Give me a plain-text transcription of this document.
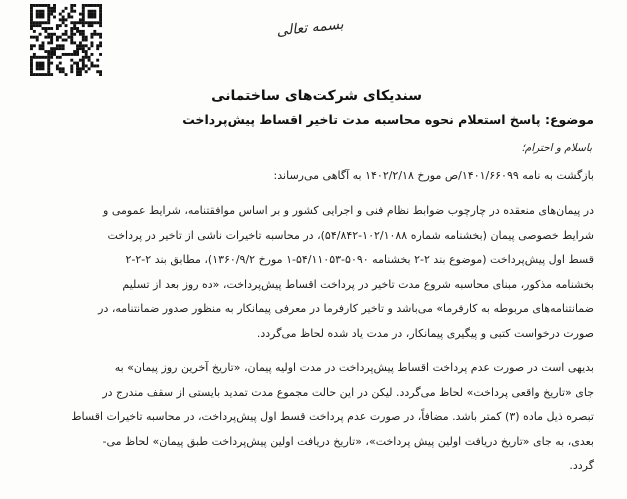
بسمه تعالی
سندیکای شرکت‌های ساختمانی
موضوع: پاسخ استعلام نحوه محاسبه مدت تاخیر اقساط پیش‌پرداخت
باسلام و احترام؛
بازگشت به نامه ۱۴۰۱/۶۶۰۹۹/ص مورخ ۱۴۰۲/۲/۱۸ به آگاهی می‌رساند:
در پیمان‌های منعقده در چارچوب ضوابط نظام فنی و اجرایی کشور و بر اساس موافقتنامه، شرایط عمومی و
شرایط خصوصی پیمان (بخشنامه شماره ۱۰۲/۱۰۸۸-۵۴/۸۴۲)، در محاسبه تاخیرات ناشی از تاخیر در پرداخت
قسط اول پیش‌پرداخت (موضوع بند ۲-۲ بخشنامه ۵۰۹۰-۵۴/۱۱۰۵۳-۱ مورخ ۱۳۶۰/۹/۲)، مطابق بند ۲-۲-۲
بخشنامه مذکور، مبنای محاسبه شروع مدت تاخیر در پرداخت اقساط پیش‌پرداخت، «ده روز بعد از تسلیم
ضمانتنامه‌های مربوطه به کارفرما» می‌باشد و تاخیر کارفرما در معرفی پیمانکار به منظور صدور ضمانتنامه، در
صورت درخواست کتبی و پیگیری پیمانکار، در مدت یاد شده لحاظ می‌گردد.
بدیهی است در صورت عدم پرداخت اقساط پیش‌پرداخت در مدت اولیه پیمان، «تاریخ آخرین روز پیمان» به
جای «تاریخ واقعی پرداخت» لحاظ می‌گردد. لیکن در این حالت مجموع مدت تمدید بایستی از سقف مندرج در
تبصره ذیل ماده (۳) کمتر باشد. مضافاً، در صورت عدم پرداخت قسط اول پیش‌پرداخت، در محاسبه تاخیرات اقساط
بعدی، به جای «تاریخ دریافت اولین پیش پرداخت»، «تاریخ دریافت اولین پیش‌پرداخت طبق پیمان» لحاظ می-
گردد.
